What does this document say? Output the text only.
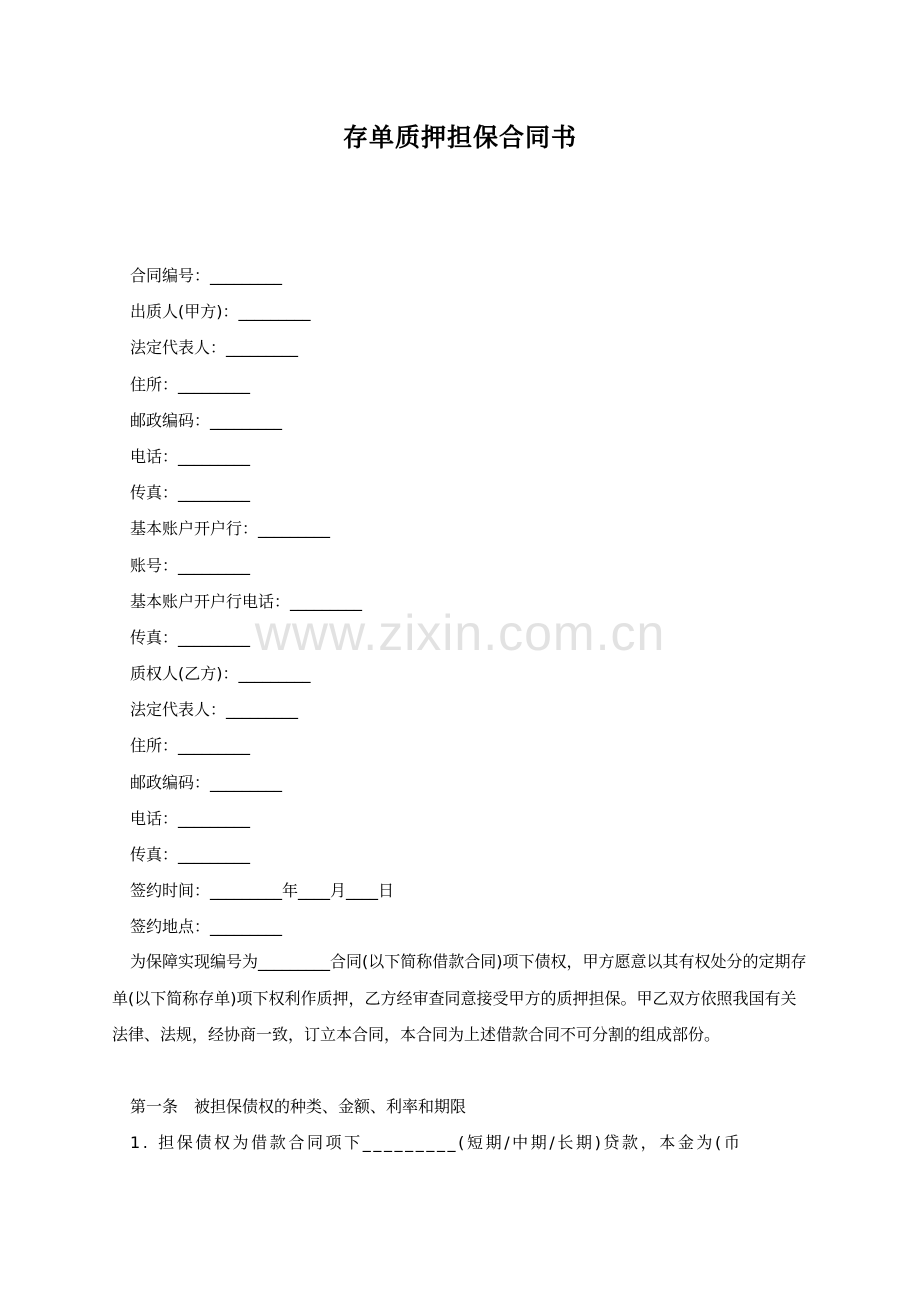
存单质押担保合同书
合同编号：_________
出质人(甲方)：_________
法定代表人：_________
住所：_________
邮政编码：_________
电话：_________
传真：_________
基本账户开户行：_________
账号：_________
基本账户开户行电话：_________
传真：_________
质权人(乙方)：_________
法定代表人：_________
住所：_________
邮政编码：_________
电话：_________
传真：_________
签约时间：_________年____月____日
签约地点：_________

为保障实现编号为_________合同(以下简称借款合同)项下债权，甲方愿意以其有权处分的定期存单(以下简称存单)项下权利作质押，乙方经审查同意接受甲方的质押担保。甲乙双方依照我国有关法律、法规，经协商一致，订立本合同，本合同为上述借款合同不可分割的组成部份。

第一条　被担保债权的种类、金额、利率和期限

1. 担保债权为借款合同项下_________(短期/中期/长期)贷款，本金为(币

www.zixin.com.cn
